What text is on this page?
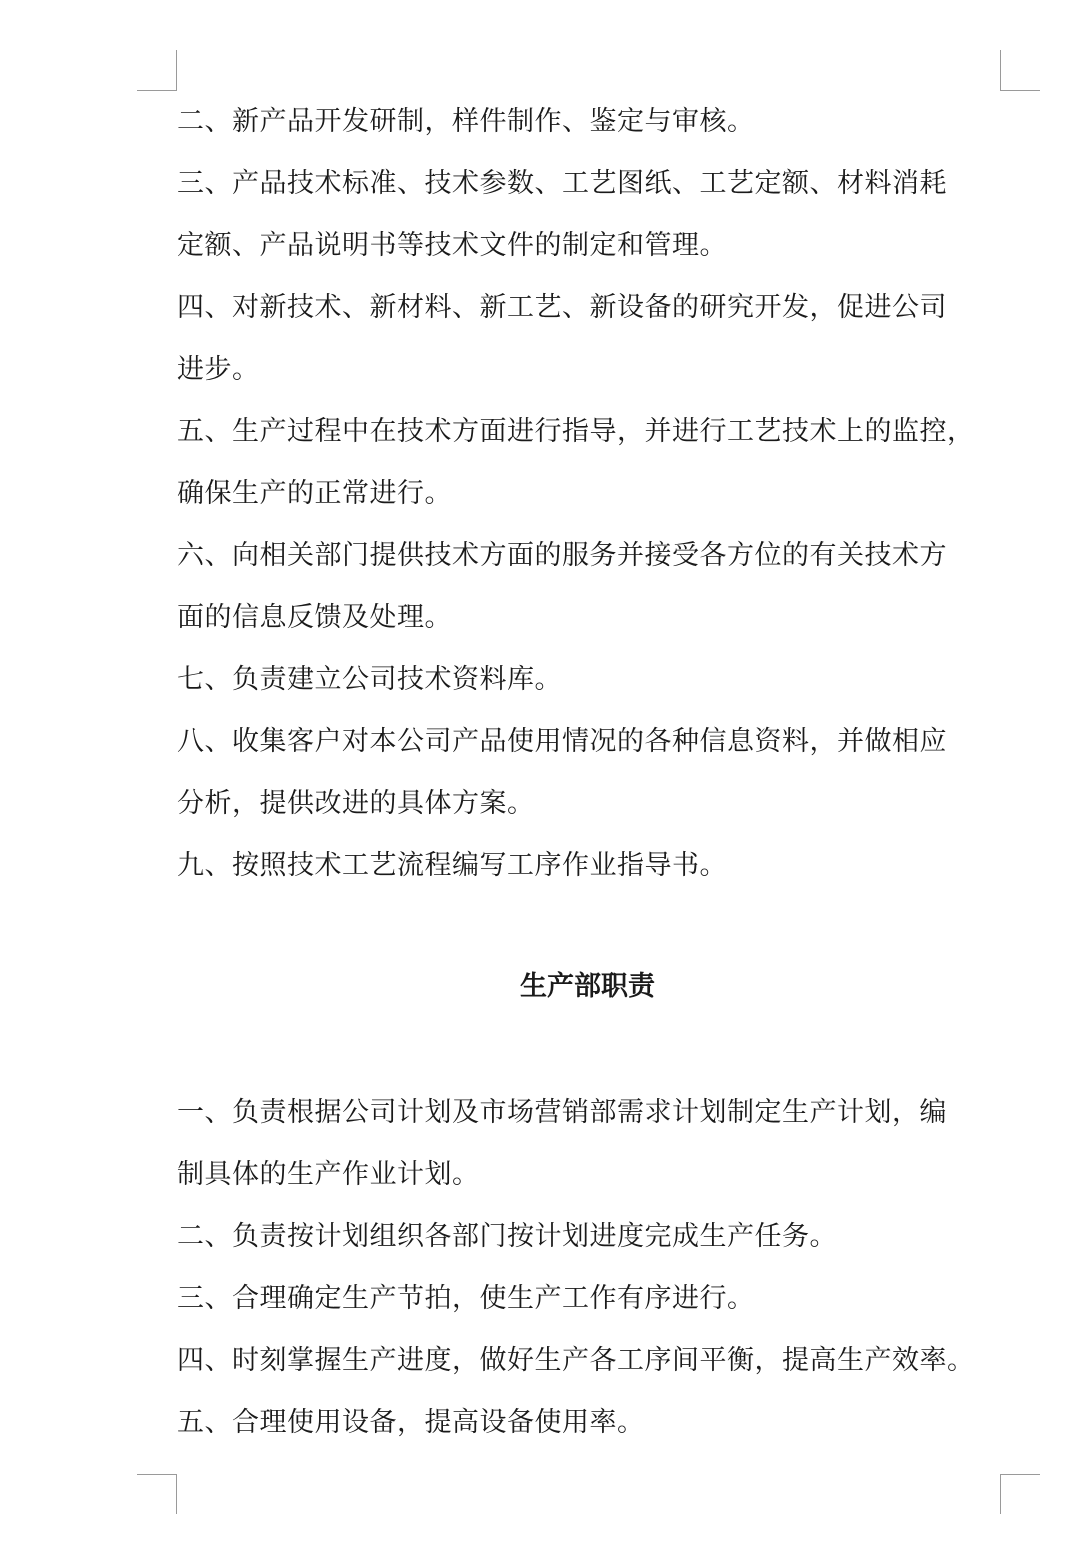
二、新产品开发研制，样件制作、鉴定与审核。

三、产品技术标准、技术参数、工艺图纸、工艺定额、材料消耗
定额、产品说明书等技术文件的制定和管理。

四、对新技术、新材料、新工艺、新设备的研究开发，促进公司
进步。

五、生产过程中在技术方面进行指导，并进行工艺技术上的监控，
确保生产的正常进行。

六、向相关部门提供技术方面的服务并接受各方位的有关技术方
面的信息反馈及处理。

七、负责建立公司技术资料库。

八、收集客户对本公司产品使用情况的各种信息资料，并做相应
分析，提供改进的具体方案。

九、按照技术工艺流程编写工序作业指导书。

生产部职责

一、负责根据公司计划及市场营销部需求计划制定生产计划，编
制具体的生产作业计划。

二、负责按计划组织各部门按计划进度完成生产任务。

三、合理确定生产节拍，使生产工作有序进行。

四、时刻掌握生产进度，做好生产各工序间平衡，提高生产效率。

五、合理使用设备，提高设备使用率。
